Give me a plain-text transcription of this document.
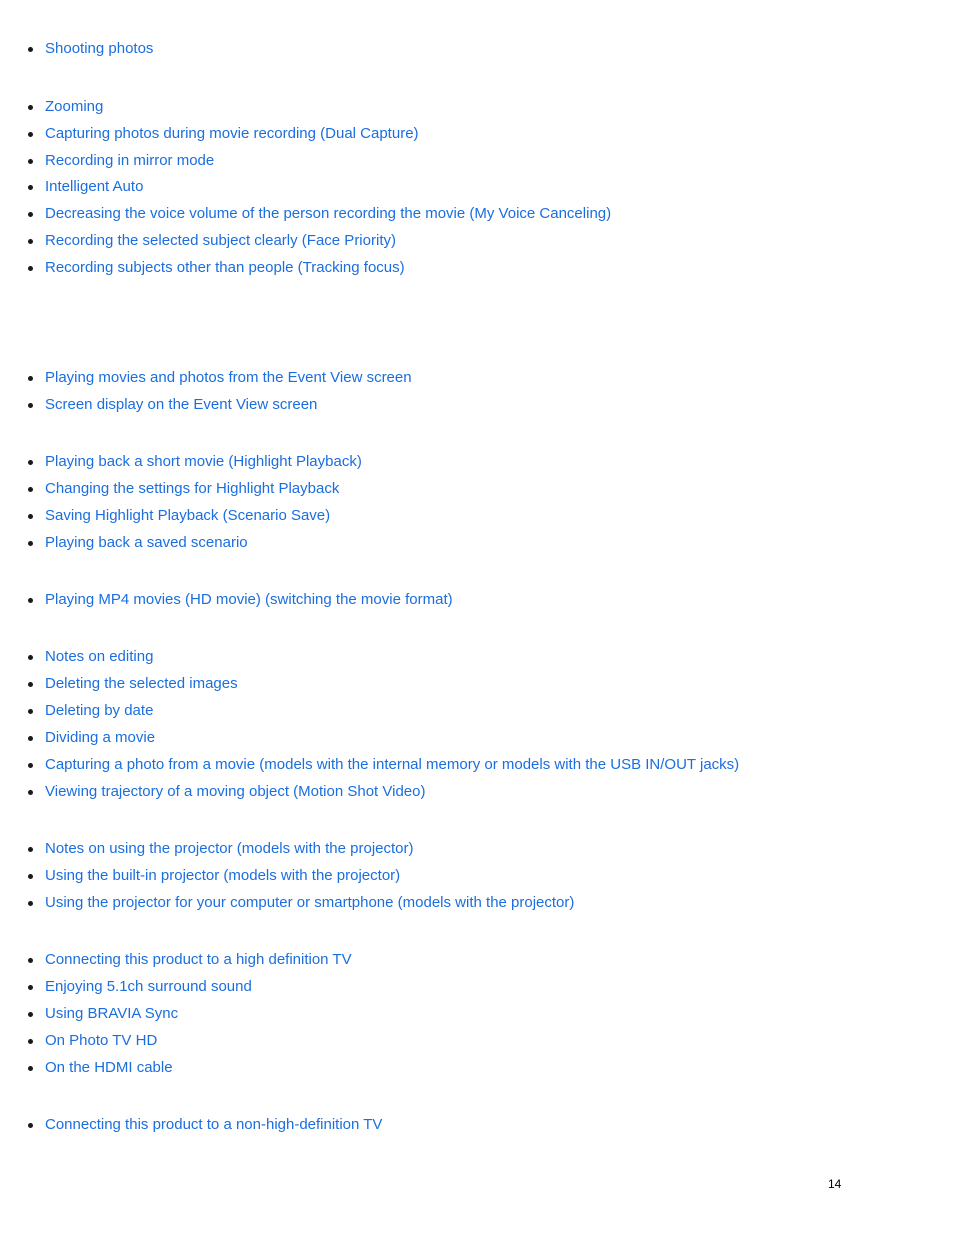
Shooting photos
Zooming
Capturing photos during movie recording (Dual Capture)
Recording in mirror mode
Intelligent Auto
Decreasing the voice volume of the person recording the movie (My Voice Canceling)
Recording the selected subject clearly (Face Priority)
Recording subjects other than people (Tracking focus)
Playing movies and photos from the Event View screen
Screen display on the Event View screen
Playing back a short movie (Highlight Playback)
Changing the settings for Highlight Playback
Saving Highlight Playback (Scenario Save)
Playing back a saved scenario
Playing MP4 movies (HD movie) (switching the movie format)
Notes on editing
Deleting the selected images
Deleting by date
Dividing a movie
Capturing a photo from a movie (models with the internal memory or models with the USB IN/OUT jacks)
Viewing trajectory of a moving object (Motion Shot Video)
Notes on using the projector (models with the projector)
Using the built-in projector (models with the projector)
Using the projector for your computer or smartphone (models with the projector)
Connecting this product to a high definition TV
Enjoying 5.1ch surround sound
Using BRAVIA Sync
On Photo TV HD
On the HDMI cable
Connecting this product to a non-high-definition TV
14
